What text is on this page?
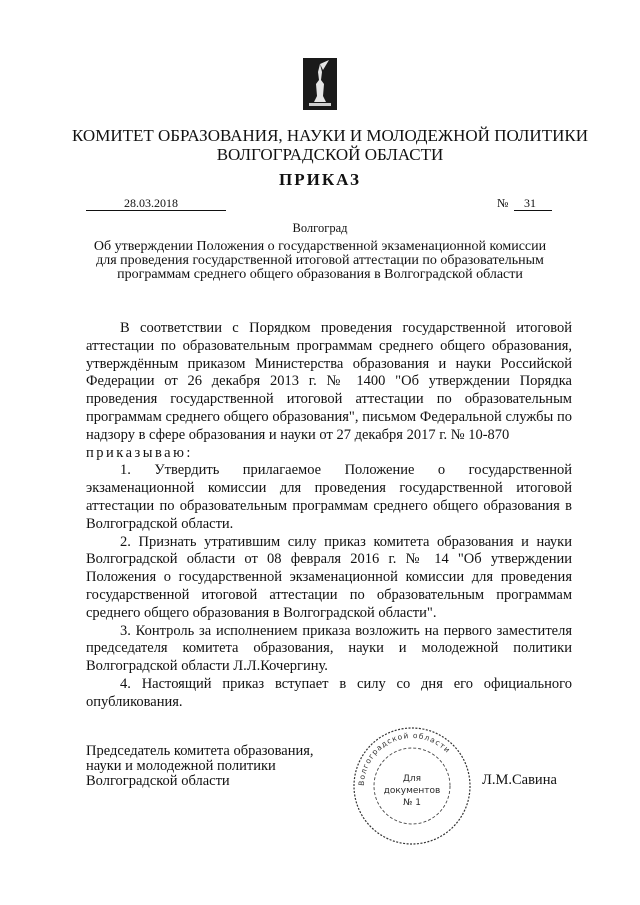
КОМИТЕТ ОБРАЗОВАНИЯ, НАУКИ И МОЛОДЕЖНОЙ ПОЛИТИКИ
ВОЛГОГРАДСКОЙ ОБЛАСТИ
ПРИКАЗ
28.03.2018	№ 31
Волгоград
Об утверждении Положения о государственной экзаменационной комиссии для проведения государственной итоговой аттестации по образовательным программам среднего общего образования в Волгоградской области

В соответствии с Порядком проведения государственной итоговой аттестации по образовательным программам среднего общего образования, утверждённым приказом Министерства образования и науки Российской Федерации от 26 декабря 2013 г. № 1400 "Об утверждении Порядка проведения государственной итоговой аттестации по образовательным программам среднего общего образования", письмом Федеральной службы по надзору в сфере образования и науки от 27 декабря 2017 г. № 10-870

приказываю:

1. Утвердить прилагаемое Положение о государственной экзаменационной комиссии для проведения государственной итоговой аттестации по образовательным программам среднего общего образования в Волгоградской области.

2. Признать утратившим силу приказ комитета образования и науки Волгоградской области от 08 февраля 2016 г. № 14 "Об утверждении Положения о государственной экзаменационной комиссии для проведения государственной итоговой аттестации по образовательным программам среднего общего образования в Волгоградской области".

3. Контроль за исполнением приказа возложить на первого заместителя председателя комитета образования, науки и молодежной политики Волгоградской области Л.Л.Кочергину.

4. Настоящий приказ вступает в силу со дня его официального опубликования.

Председатель комитета образования,
науки и молодежной политики
Волгоградской области	Волгоградской области
Для
документов
№ 1
Л.М.Савина
